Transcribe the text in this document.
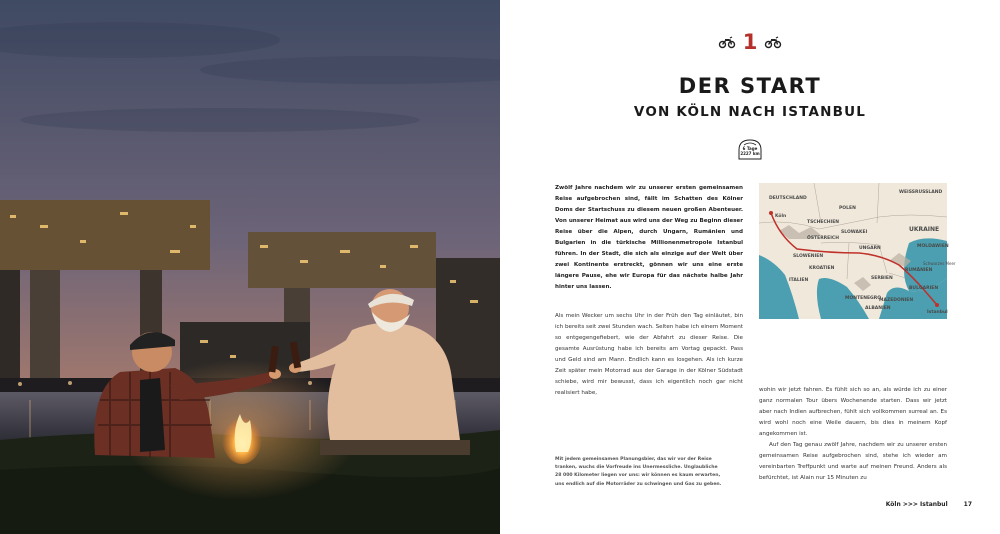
1
DER START
VON KÖLN NACH ISTANBUL
6 Tage
2227 km
Zwölf Jahre nachdem wir zu unserer ersten gemeinsamen Reise aufgebrochen sind, fällt im Schatten des Kölner Doms der Startschuss zu diesem neuen großen Abenteuer. Von unserer Heimat aus wird uns der Weg zu Beginn dieser Reise über die Alpen, durch Ungarn, Rumänien und Bulgarien in die türkische Millionenmetropole Istanbul führen. In der Stadt, die sich als einzige auf der Welt über zwei Kontinente erstreckt, gönnen wir uns eine erste längere Pause, ehe wir Europa für das nächste halbe Jahr hinter uns lassen.
WEISSRUSSLAND
DEUTSCHLAND
POLEN
Köln
TSCHECHIEN
UKRAINE
SLOWAKEI
ÖSTERREICH
MOLDAWIEN
UNGARN
SLOWENIEN
KROATIEN	RUMÄNIEN
ITALIEN	SERBIEN
BULGARIEN
MONTENEGRO
MAZEDONIEN
ALBANIEN
Schwarzes Meer
Istanbul

Als mein Wecker um sechs Uhr in der Früh den Tag einläutet, bin ich bereits seit zwei Stunden wach. Selten habe ich einem Moment so entgegengefiebert, wie der Abfahrt zu dieser Reise. Die gesamte Ausrüstung habe ich bereits am Vortag gepackt. Pass und Geld sind am Mann. Endlich kann es losgehen. Als ich kurze Zeit später mein Motorrad aus der Garage in der Kölner Südstadt schiebe, wird mir bewusst, dass ich eigentlich noch gar nicht realisiert habe,

Mit jedem gemeinsamen Planungsbier, das wir vor der Reise tranken, wuchs die Vorfreude ins Unermessliche. Unglaubliche 28 000 Kilometer liegen vor uns: wir können es kaum erwarten, uns endlich auf die Motorräder zu schwingen und Gas zu geben.

wohin wir jetzt fahren. Es fühlt sich so an, als würde ich zu einer ganz normalen Tour übers Wochenende starten. Dass wir jetzt aber nach Indien aufbrechen, fühlt sich vollkommen surreal an. Es wird wohl noch eine Weile dauern, bis dies in meinem Kopf angekommen ist.

Auf den Tag genau zwölf Jahre, nachdem wir zu unserer ersten gemeinsamen Reise aufgebrochen sind, stehe ich wieder am vereinbarten Treffpunkt und warte auf meinen Freund. Anders als befürchtet, ist Alain nur 15 Minuten zu

Köln >>> Istanbul	17
